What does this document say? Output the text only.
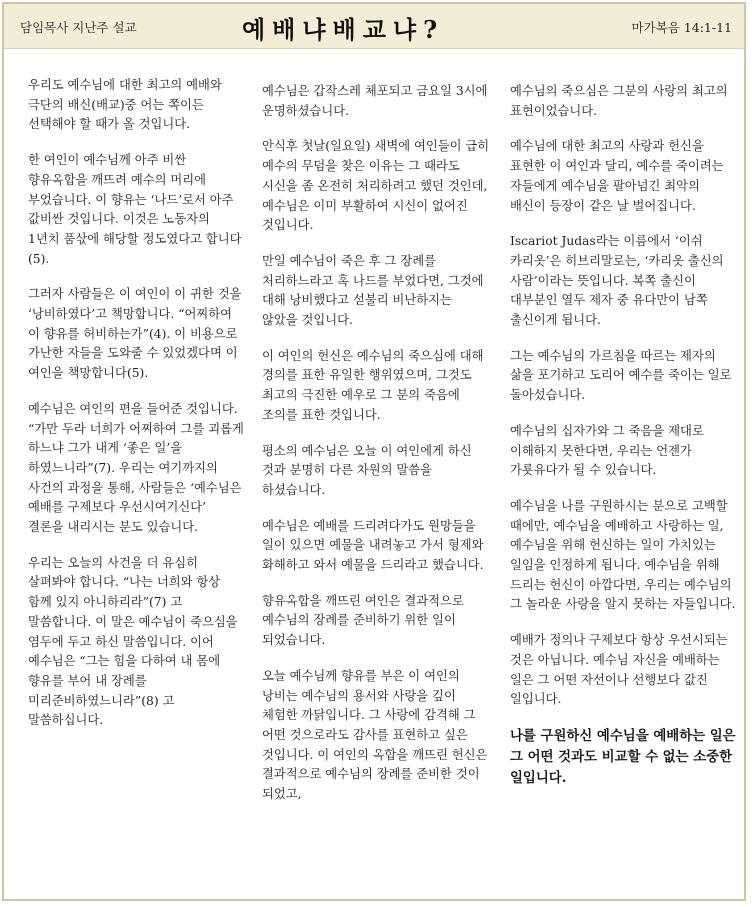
담임목사 지난주 설교	예배냐배교냐?	마가복음 14:1-11

우리도 예수님에 대한 최고의 예배와 극단의 배신(배교)중 어는 쪽이든 선택해야 할 때가 올 것입니다.

한 여인이 예수님께 아주 비싼 향유옥합을 깨뜨려 예수의 머리에 부었습니다. 이 향유는 ‘나드’로서 아주 값비싼 것입니다. 이것은 노동자의 1년치 품삯에 해당할 정도였다고 합니다(5).

그러자 사람들은 이 여인이 이 귀한 것을 ‘낭비하였다’고 책망합니다. “어찌하여 이 향유를 허비하는가”(4). 이 비용으로 가난한 자들을 도와줄 수 있었겠다며 이 여인을 책망합니다(5).

예수님은 여인의 편을 들어준 것입니다. “가만 두라 너희가 어찌하여 그를 괴롭게 하느냐 그가 내게 ‘좋은 일’을 하였느니라”(7). 우리는 여기까지의 사건의 과정을 통해, 사람들은 ‘예수님은 예배를 구제보다 우선시여기신다’ 결론을 내리시는 분도 있습니다.

우리는 오늘의 사건을 더 유심히 살펴봐야 합니다. “나는 너희와 항상 함께 있지 아니하리라”(7) 고 말씀합니다. 이 말은 예수님이 죽으심을 염두에 두고 하신 말씀입니다. 이어 예수님은 “그는 힘을 다하여 내 몸에 향유를 부어 내 장례를 미리준비하였느니라”(8) 고 말씀하십니다.

예수님은 갑작스레 체포되고 금요일 3시에 운명하셨습니다.

안식후 첫날(일요일) 새벽에 여인들이 급히 예수의 무덤을 찾은 이유는 그 때라도 시신을 좀 온전히 처리하려고 했던 것인데, 예수님은 이미 부활하여 시신이 없어진 것입니다.

만일 예수님이 죽은 후 그 장례를 처리하느라고 혹 나드를 부었다면, 그것에 대해 낭비했다고 섣불리 비난하지는 않았을 것입니다.

이 여인의 헌신은 예수님의 죽으심에 대해 경의를 표한 유일한 행위였으며, 그것도 최고의 극진한 예우로 그 분의 죽음에 조의를 표한 것입니다.

평소의 예수님은 오늘 이 여인에게 하신 것과 분명히 다른 차원의 말씀을 하셨습니다.

예수님은 예배를 드리려다가도 원망들을 일이 있으면 예물을 내려놓고 가서 형제와 화해하고 와서 예물을 드리라고 했습니다.

향유옥합을 깨뜨린 여인은 결과적으로 예수님의 장례를 준비하기 위한 일이 되었습니다.

오늘 예수님께 향유를 부은 이 여인의 낭비는 예수님의 용서와 사랑을 깊이 체험한 까닭입니다. 그 사랑에 감격해 그 어떤 것으로라도 감사를 표현하고 싶은 것입니다. 이 여인의 옥합을 깨뜨린 헌신은 결과적으로 예수님의 장례를 준비한 것이 되었고,

예수님의 죽으심은 그분의 사랑의 최고의 표현이었습니다.

예수님에 대한 최고의 사랑과 헌신을 표현한 이 여인과 달리, 예수를 죽이려는 자들에게 예수님을 팔아넘긴 최악의 배신이 등장이 같은 날 벌어집니다.

Iscariot Judas라는 이름에서 ‘이쉬 카리옷’은 히브리말로는, ‘카리옷 출신의 사람’이라는 뜻입니다. 복쪽 출신이 대부분인 열두 제자 중 유다만이 남쪽 출신이게 됩니다.

그는 예수님의 가르침을 따르는 제자의 삶을 포기하고 도리어 예수를 죽이는 일로 돌아섰습니다.

예수님의 십자가와 그 죽음을 제대로 이해하지 못한다면, 우리는 언젠가 가룟유다가 될 수 있습니다.

예수님을 나를 구원하시는 분으로 고백할 때에만, 예수님을 예배하고 사랑하는 일, 예수님을 위해 헌신하는 일이 가치있는 일임을 인정하게 됩니다. 예수님을 위해 드리는 헌신이 아깝다면, 우리는 예수님의 그 놀라운 사랑을 알지 못하는 자들입니다.

예배가 정의나 구제보다 항상 우선시되는 것은 아닙니다. 예수님 자신을 예배하는 일은 그 어떤 자선이나 선행보다 값진 일입니다.

나를 구원하신 예수님을 예배하는 일은 그 어떤 것과도 비교할 수 없는 소중한 일입니다.
